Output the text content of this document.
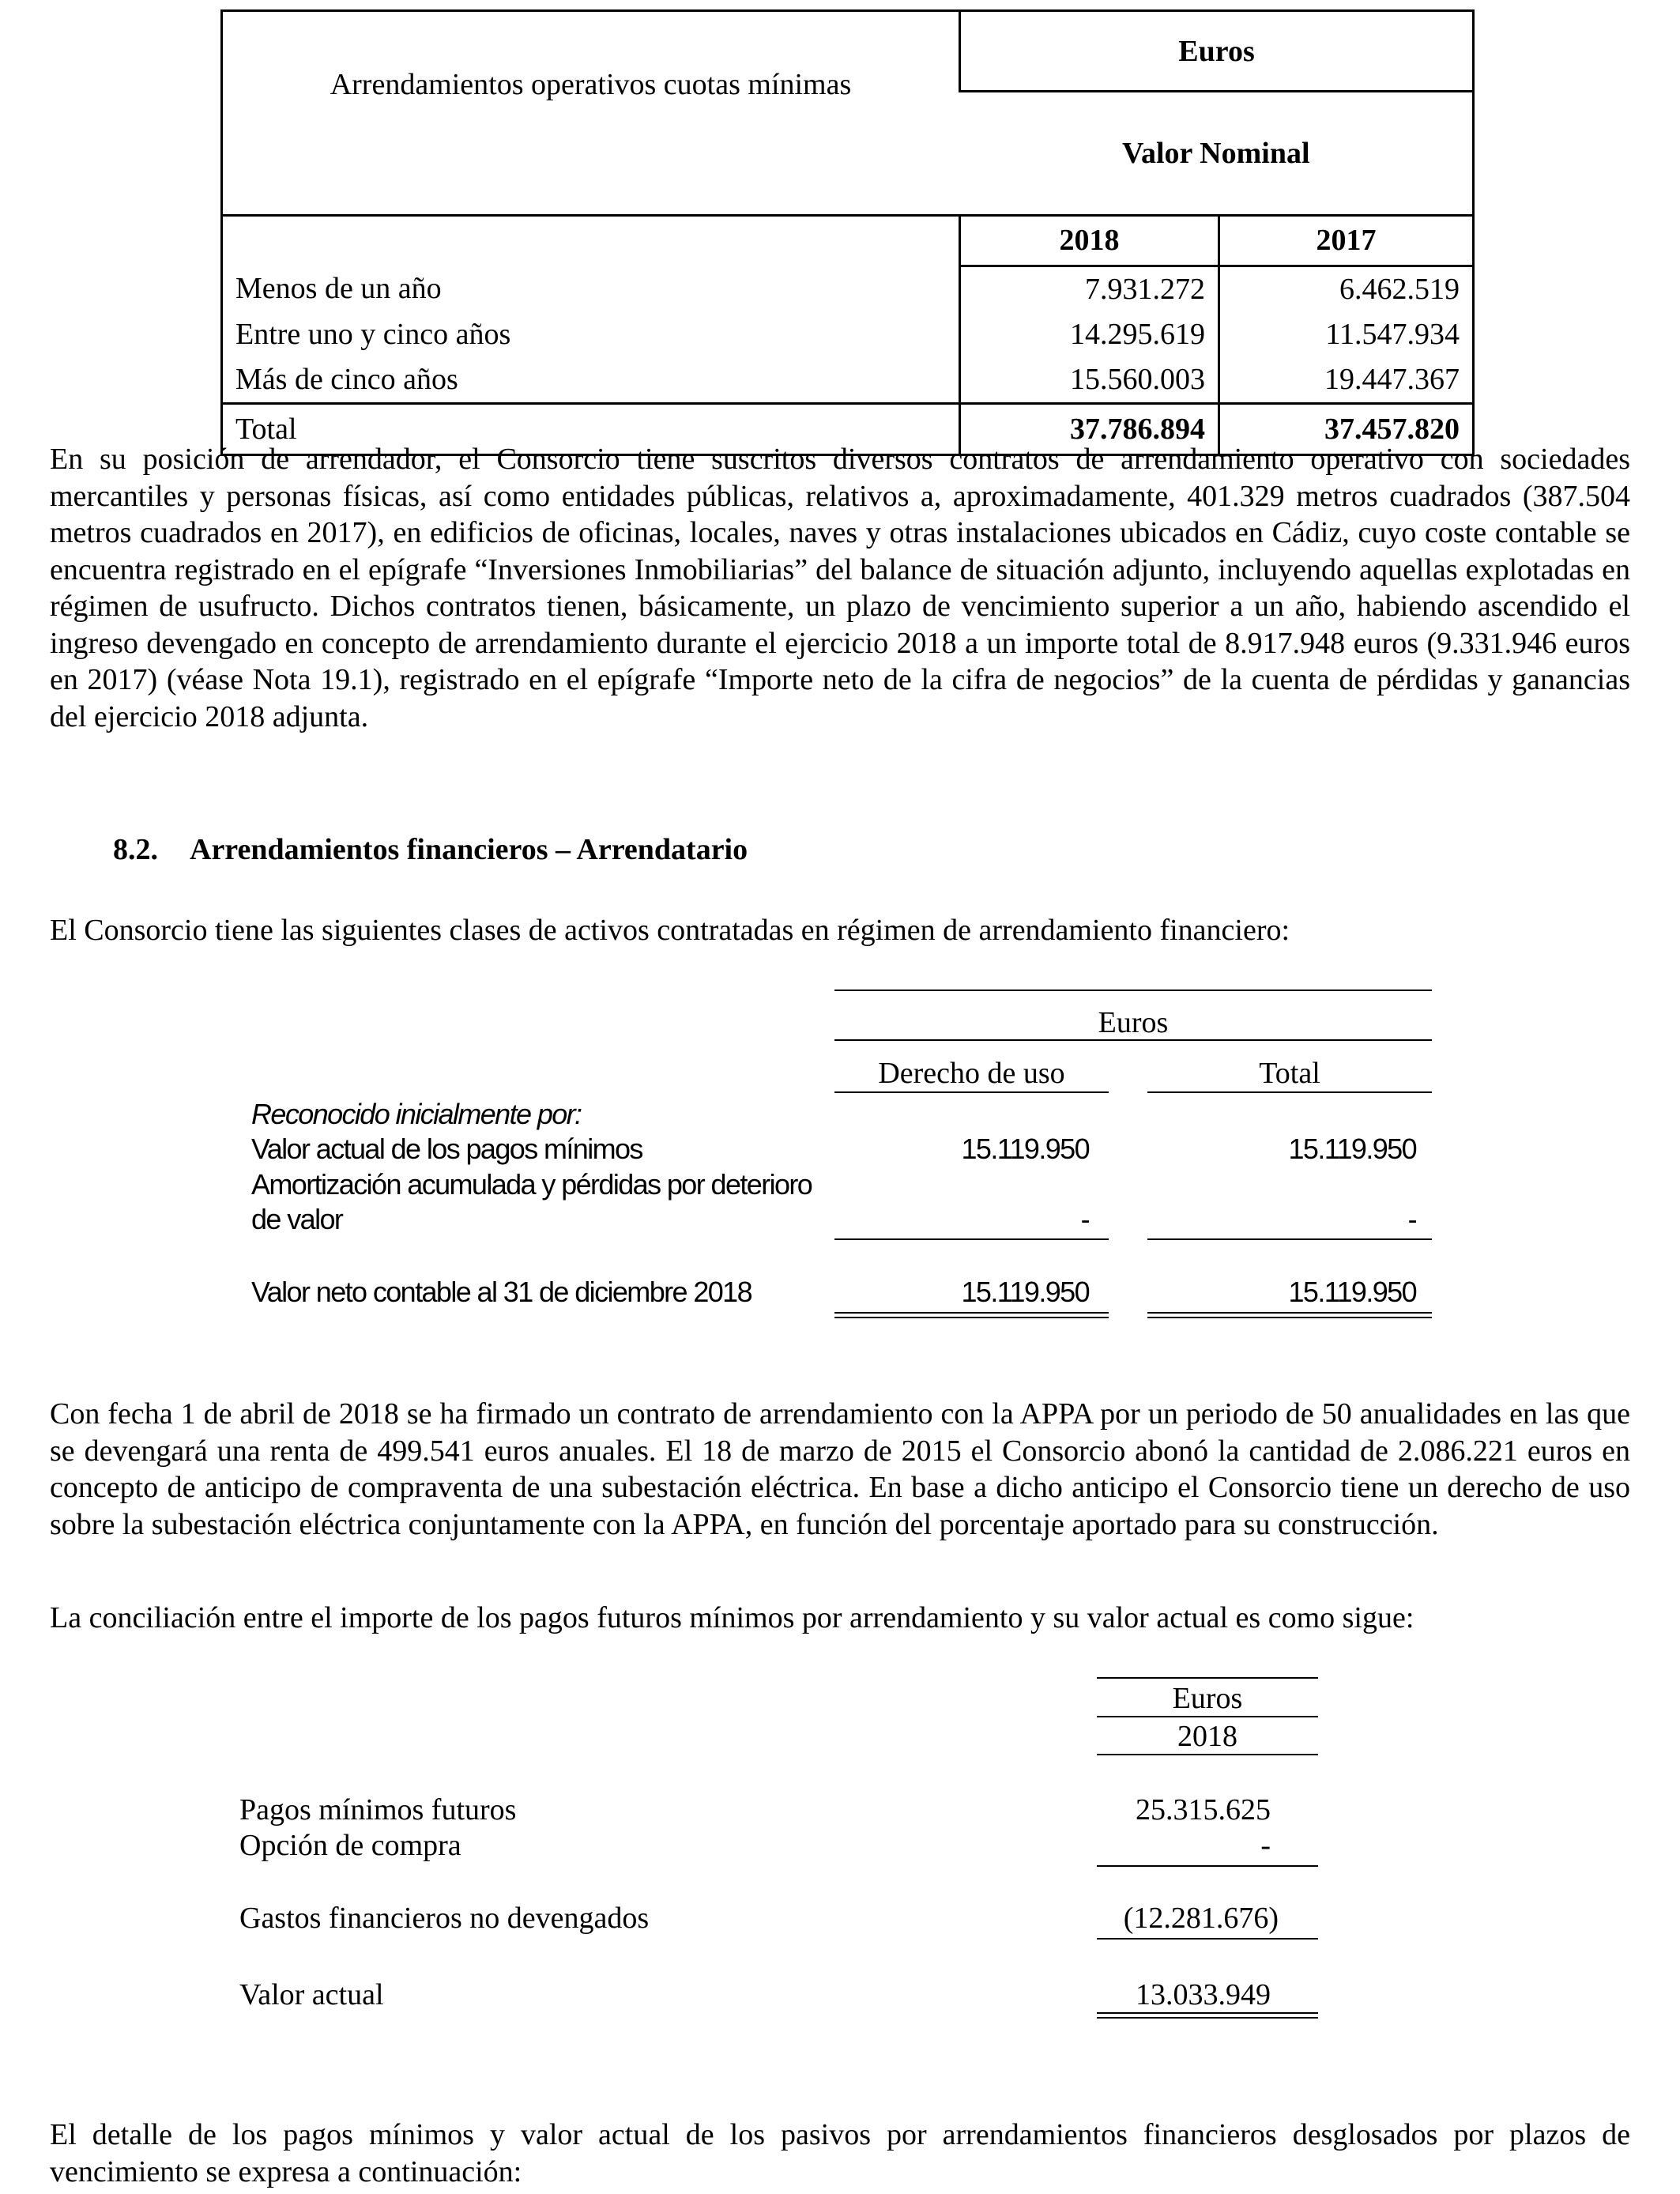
Arrendamientos operativos cuotas mínimas	Euros	
	Valor Nominal	
	2018	2017
Menos de un año	7.931.272	6.462.519
Entre uno y cinco años	14.295.619	11.547.934
Más de cinco años	15.560.003	19.447.367
Total	37.786.894	37.457.820

En su posición de arrendador, el Consorcio tiene suscritos diversos contratos de arrendamiento operativo con sociedades mercantiles y personas físicas, así como entidades públicas, relativos a, aproximadamente, 401.329 metros cuadrados (387.504 metros cuadrados en 2017), en edificios de oficinas, locales, naves y otras instalaciones ubicados en Cádiz, cuyo coste contable se encuentra registrado en el epígrafe “Inversiones Inmobiliarias” del balance de situación adjunto, incluyendo aquellas explotadas en régimen de usufructo. Dichos contratos tienen, básicamente, un plazo de vencimiento superior a un año, habiendo ascendido el ingreso devengado en concepto de arrendamiento durante el ejercicio 2018 a un importe total de 8.917.948 euros (9.331.946 euros en 2017) (véase Nota 19.1), registrado en el epígrafe “Importe neto de la cifra de negocios” de la cuenta de pérdidas y ganancias del ejercicio 2018 adjunta.

8.2. Arrendamientos financieros – Arrendatario
El Consorcio tiene las siguientes clases de activos contratadas en régimen de arrendamiento financiero:
Euros
Derecho de uso	Total
Reconocido inicialmente por:
Valor actual de los pagos mínimos	15.119.950	15.119.950
Amortización acumulada y pérdidas por deterioro
de valor	-	-
Valor neto contable al 31 de diciembre 2018	15.119.950	15.119.950

Con fecha 1 de abril de 2018 se ha firmado un contrato de arrendamiento con la APPA por un periodo de 50 anualidades en las que se devengará una renta de 499.541 euros anuales. El 18 de marzo de 2015 el Consorcio abonó la cantidad de 2.086.221 euros en concepto de anticipo de compraventa de una subestación eléctrica. En base a dicho anticipo el Consorcio tiene un derecho de uso sobre la subestación eléctrica conjuntamente con la APPA, en función del porcentaje aportado para su construcción.

La conciliación entre el importe de los pagos futuros mínimos por arrendamiento y su valor actual es como sigue:
Euros
2018
Pagos mínimos futuros	25.315.625
Opción de compra	-
Gastos financieros no devengados	(12.281.676)
Valor actual	13.033.949

El detalle de los pagos mínimos y valor actual de los pasivos por arrendamientos financieros desglosados por plazos de vencimiento se expresa a continuación:
